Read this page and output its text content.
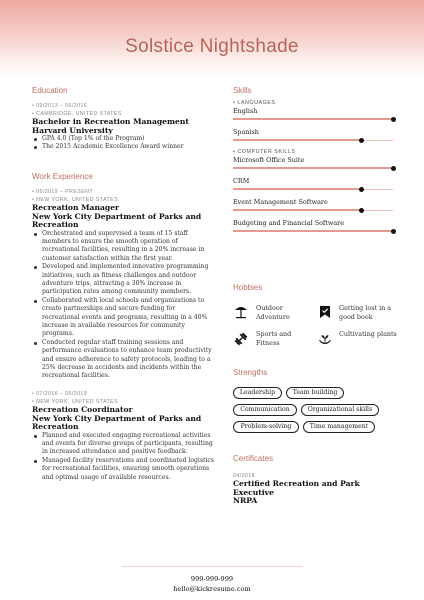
Solstice Nightshade
Education
• 09/2013 – 06/2016
• CAMBRIDGE, UNITED STATES
Bachelor in Recreation Management
Harvard University
GPA 4.0 (Top 1% of the Program)
The 2015 Academic Excellence Award winner
Work Experience
• 06/2019 – PRESENT
• NEW YORK, UNITED STATES
Recreation Manager
New York City Department of Parks and Recreation
Orchestrated and supervised a team of 15 staff members to ensure the smooth operation of recreational facilities, resulting in a 20% increase in customer satisfaction within the first year.
Developed and implemented innovative programming initiatives, such as fitness challenges and outdoor adventure trips, attracting a 30% increase in participation rates among community members.
Collaborated with local schools and organizations to create partnerships and secure funding for recreational events and programs, resulting in a 40% increase in available resources for community programs.
Conducted regular staff training sessions and performance evaluations to enhance team productivity and ensure adherence to safety protocols, leading to a 25% decrease in accidents and incidents within the recreational facilities.
• 07/2016 – 05/2019
• NEW YORK, UNITED STATES
Recreation Coordinator
New York City Department of Parks and Recreation
Planned and executed engaging recreational activities and events for diverse groups of participants, resulting in increased attendance and positive feedback.
Managed facility reservations and coordinated logistics for recreational facilities, ensuring smooth operations and optimal usage of available resources.
Skills
• LANGUAGES
English
Spanish
• COMPUTER SKILLS
Microsoft Office Suite
CRM
Event Management Software
Budgeting and Financial Software
Hobbies
Outdoor Adventure
Getting lost in a good book
Sports and Fitness
Cultivating plants
Strengths
Leadership	Team building
Communication	Organizational skills
Problem-solving	Time management
Certificates
04/2018
Certified Recreation and Park Executive
NRPA
999-999-999
hello@kickresume.com
